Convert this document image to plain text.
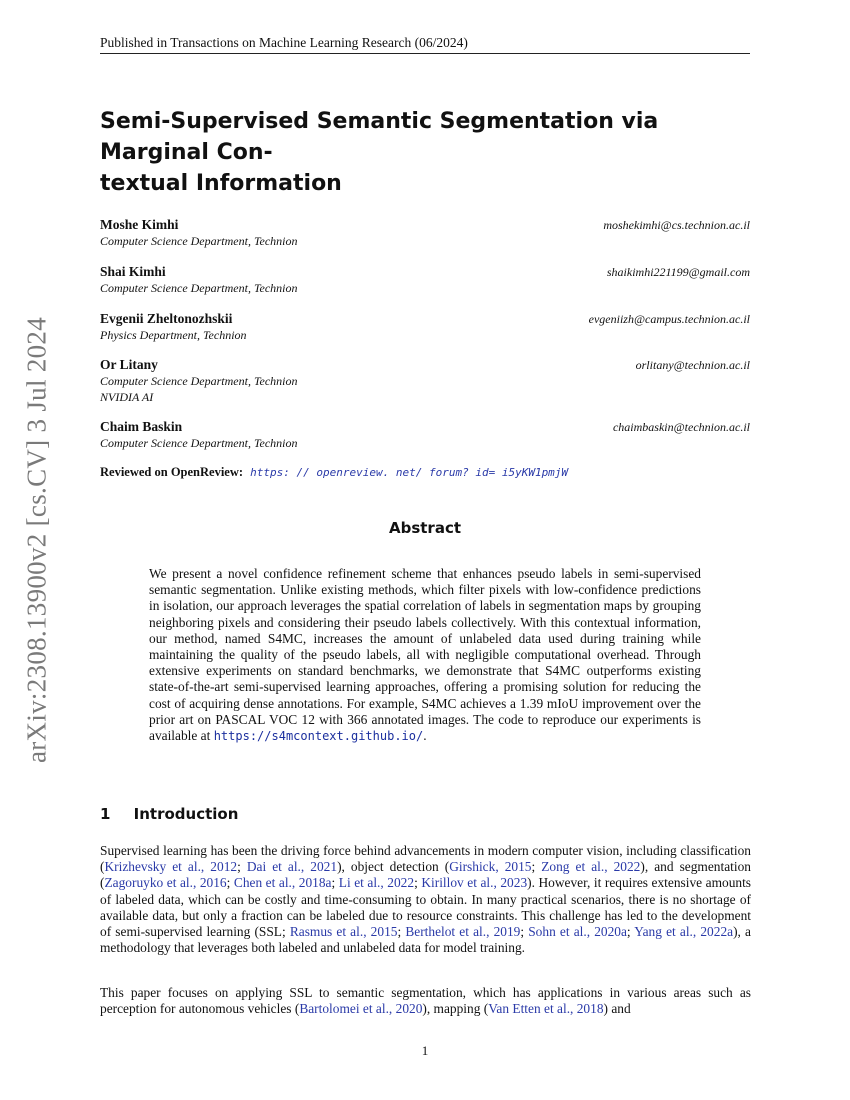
Published in Transactions on Machine Learning Research (06/2024)
arXiv:2308.13900v2 [cs.CV] 3 Jul 2024
Semi-Supervised Semantic Segmentation via Marginal Con-
textual Information
Moshe Kimhi	moshekimhi@cs.technion.ac.il
Computer Science Department, Technion
Shai Kimhi	shaikimhi221199@gmail.com
Computer Science Department, Technion
Evgenii Zheltonozhskii	evgeniizh@campus.technion.ac.il
Physics Department, Technion
Or Litany	orlitany@technion.ac.il
Computer Science Department, Technion
NVIDIA AI
Chaim Baskin	chaimbaskin@technion.ac.il
Computer Science Department, Technion
Reviewed on OpenReview: https: // openreview. net/ forum? id= i5yKW1pmjW
Abstract
We present a novel confidence refinement scheme that enhances pseudo labels in semi-supervised semantic segmentation. Unlike existing methods, which filter pixels with low-confidence predictions in isolation, our approach leverages the spatial correlation of labels in segmentation maps by grouping neighboring pixels and considering their pseudo labels collectively. With this contextual information, our method, named S4MC, increases the amount of unlabeled data used during training while maintaining the quality of the pseudo labels, all with negligible computational overhead. Through extensive experiments on standard benchmarks, we demonstrate that S4MC outperforms existing state-of-the-art semi-supervised learning approaches, offering a promising solution for reducing the cost of acquiring dense annotations. For example, S4MC achieves a 1.39 mIoU improvement over the prior art on PASCAL VOC 12 with 366 annotated images. The code to reproduce our experiments is available at https://s4mcontext.github.io/.
1 Introduction
Supervised learning has been the driving force behind advancements in modern computer vision, including classification (Krizhevsky et al., 2012; Dai et al., 2021), object detection (Girshick, 2015; Zong et al., 2022), and segmentation (Zagoruyko et al., 2016; Chen et al., 2018a; Li et al., 2022; Kirillov et al., 2023). However, it requires extensive amounts of labeled data, which can be costly and time-consuming to obtain. In many practical scenarios, there is no shortage of available data, but only a fraction can be labeled due to resource constraints. This challenge has led to the development of semi-supervised learning (SSL; Rasmus et al., 2015; Berthelot et al., 2019; Sohn et al., 2020a; Yang et al., 2022a), a methodology that leverages both labeled and unlabeled data for model training.
This paper focuses on applying SSL to semantic segmentation, which has applications in various areas such as perception for autonomous vehicles (Bartolomei et al., 2020), mapping (Van Etten et al., 2018) and
1
